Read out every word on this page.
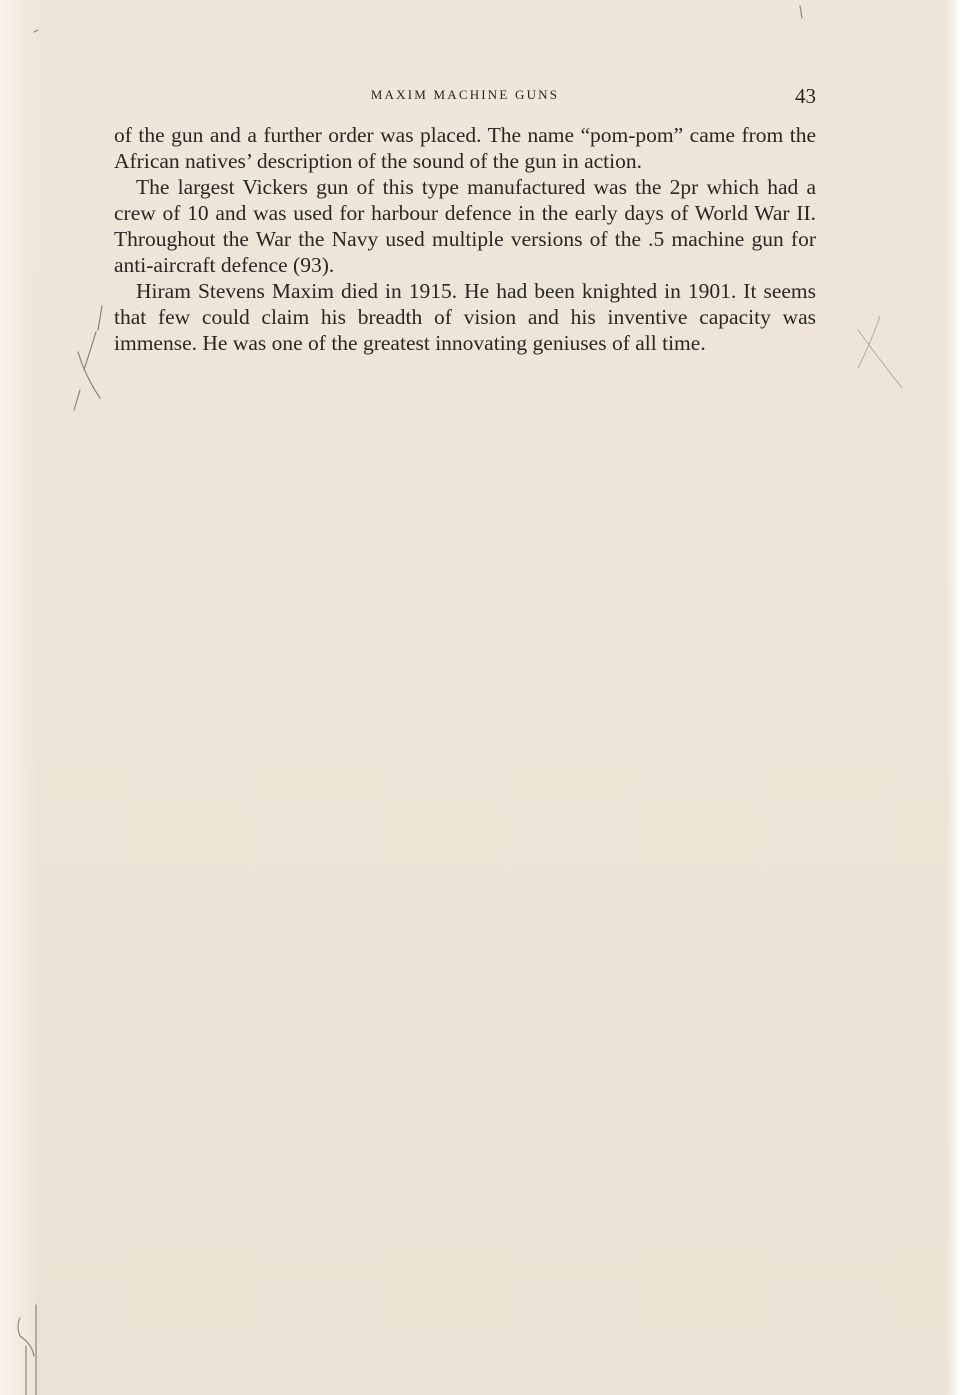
MAXIM MACHINE GUNS	43

of the gun and a further order was placed. The name “pom-pom” came from the African natives’ description of the sound of the gun in action.

The largest Vickers gun of this type manufactured was the 2pr which had a crew of 10 and was used for harbour defence in the early days of World War II. Throughout the War the Navy used multiple versions of the .5 machine gun for anti-aircraft defence (93).

Hiram Stevens Maxim died in 1915. He had been knighted in 1901. It seems that few could claim his breadth of vision and his inventive capacity was immense. He was one of the greatest innovating geniuses of all time.
